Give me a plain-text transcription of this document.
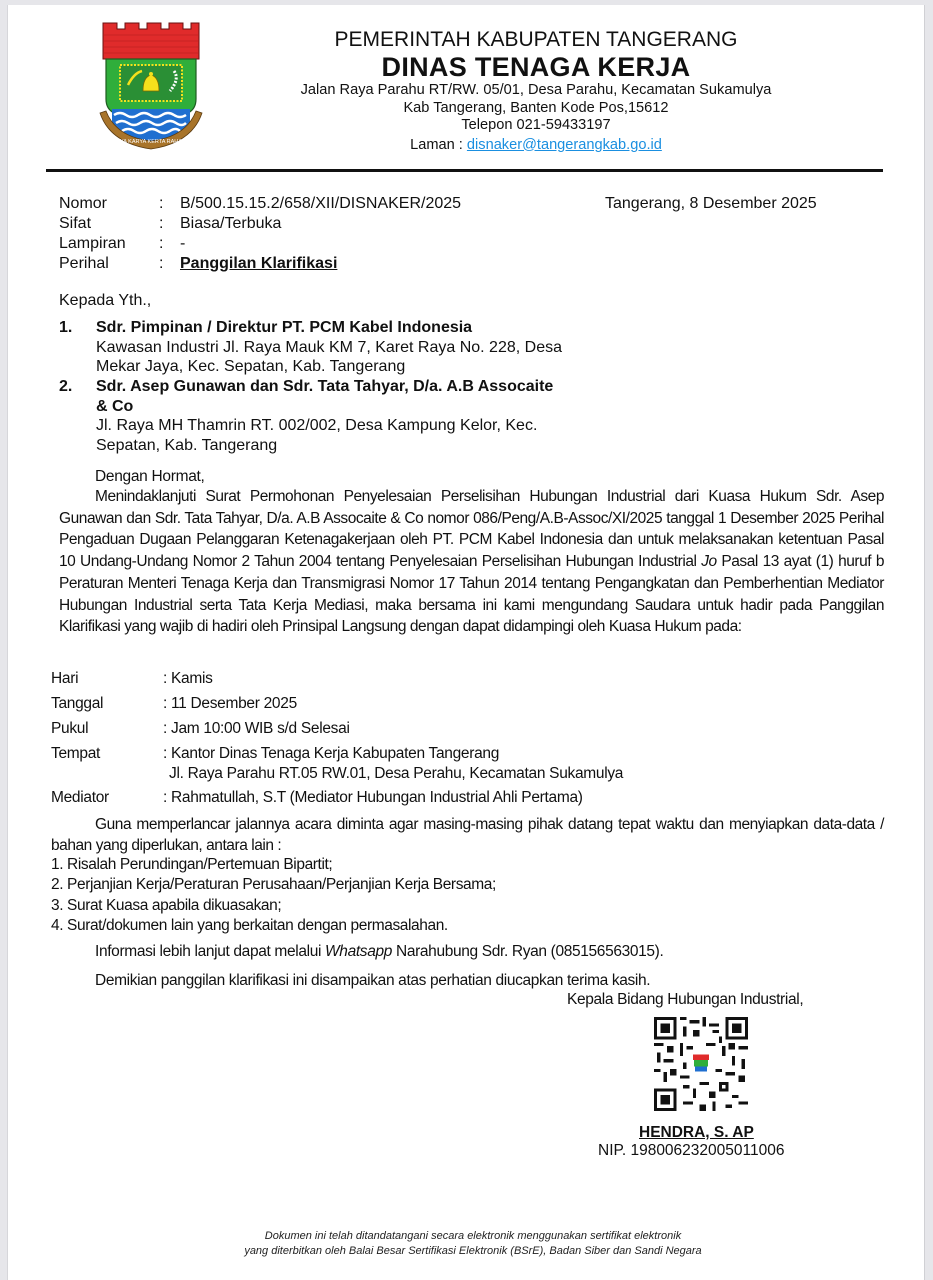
SATYA KARYA KERTA RAHARJA
PEMERINTAH KABUPATEN TANGERANG
DINAS TENAGA KERJA
Jalan Raya Parahu RT/RW. 05/01, Desa Parahu, Kecamatan Sukamulya
Kab Tangerang, Banten Kode Pos,15612
Telepon 021-59433197
Laman : disnaker@tangerangkab.go.id
Tangerang, 8 Desember 2025
Nomor	: B/500.15.15.2/658/XII/DISNAKER/2025
Sifat	: Biasa/Terbuka
Lampiran : -
Perihal	: Panggilan Klarifikasi
Kepada Yth.,
1. Sdr. Pimpinan / Direktur PT. PCM Kabel Indonesia
Kawasan Industri Jl. Raya Mauk KM 7, Karet Raya No. 228, Desa Mekar Jaya, Kec. Sepatan, Kab. Tangerang
2. Sdr. Asep Gunawan dan Sdr. Tata Tahyar, D/a. A.B Assocaite
& Co
Jl. Raya MH Thamrin RT. 002/002, Desa Kampung Kelor, Kec. Sepatan, Kab. Tangerang
Dengan Hormat,
Menindaklanjuti Surat Permohonan Penyelesaian Perselisihan Hubungan Industrial dari Kuasa Hukum Sdr. Asep Gunawan dan Sdr. Tata Tahyar, D/a. A.B Assocaite & Co nomor 086/Peng/A.B-Assoc/XI/2025 tanggal 1 Desember 2025 Perihal Pengaduan Dugaan Pelanggaran Ketenagakerjaan oleh PT. PCM Kabel Indonesia dan untuk melaksanakan ketentuan Pasal 10 Undang-Undang Nomor 2 Tahun 2004 tentang Penyelesaian Perselisihan Hubungan Industrial Jo Pasal 13 ayat (1) huruf b Peraturan Menteri Tenaga Kerja dan Transmigrasi Nomor 17 Tahun 2014 tentang Pengangkatan dan Pemberhentian Mediator Hubungan Industrial serta Tata Kerja Mediasi, maka bersama ini kami mengundang Saudara untuk hadir pada Panggilan Klarifikasi yang wajib di hadiri oleh Prinsipal Langsung dengan dapat didampingi oleh Kuasa Hukum pada:
Hari	: Kamis
Tanggal	: 11 Desember 2025
Pukul	: Jam 10:00 WIB s/d Selesai
Tempat	: Kantor Dinas Tenaga Kerja Kabupaten Tangerang
Jl. Raya Parahu RT.05 RW.01, Desa Perahu, Kecamatan Sukamulya
Mediator	: Rahmatullah, S.T (Mediator Hubungan Industrial Ahli Pertama)
Guna memperlancar jalannya acara diminta agar masing-masing pihak datang tepat waktu dan menyiapkan data-data / bahan yang diperlukan, antara lain :
1. Risalah Perundingan/Pertemuan Bipartit;
2. Perjanjian Kerja/Peraturan Perusahaan/Perjanjian Kerja Bersama;
3. Surat Kuasa apabila dikuasakan;
4. Surat/dokumen lain yang berkaitan dengan permasalahan.
Informasi lebih lanjut dapat melalui Whatsapp Narahubung Sdr. Ryan (085156563015).
Demikian panggilan klarifikasi ini disampaikan atas perhatian diucapkan terima kasih.
Kepala Bidang Hubungan Industrial,
HENDRA, S. AP
NIP. 198006232005011006
Dokumen ini telah ditandatangani secara elektronik menggunakan sertifikat elektronik
yang diterbitkan oleh Balai Besar Sertifikasi Elektronik (BSrE), Badan Siber dan Sandi Negara
